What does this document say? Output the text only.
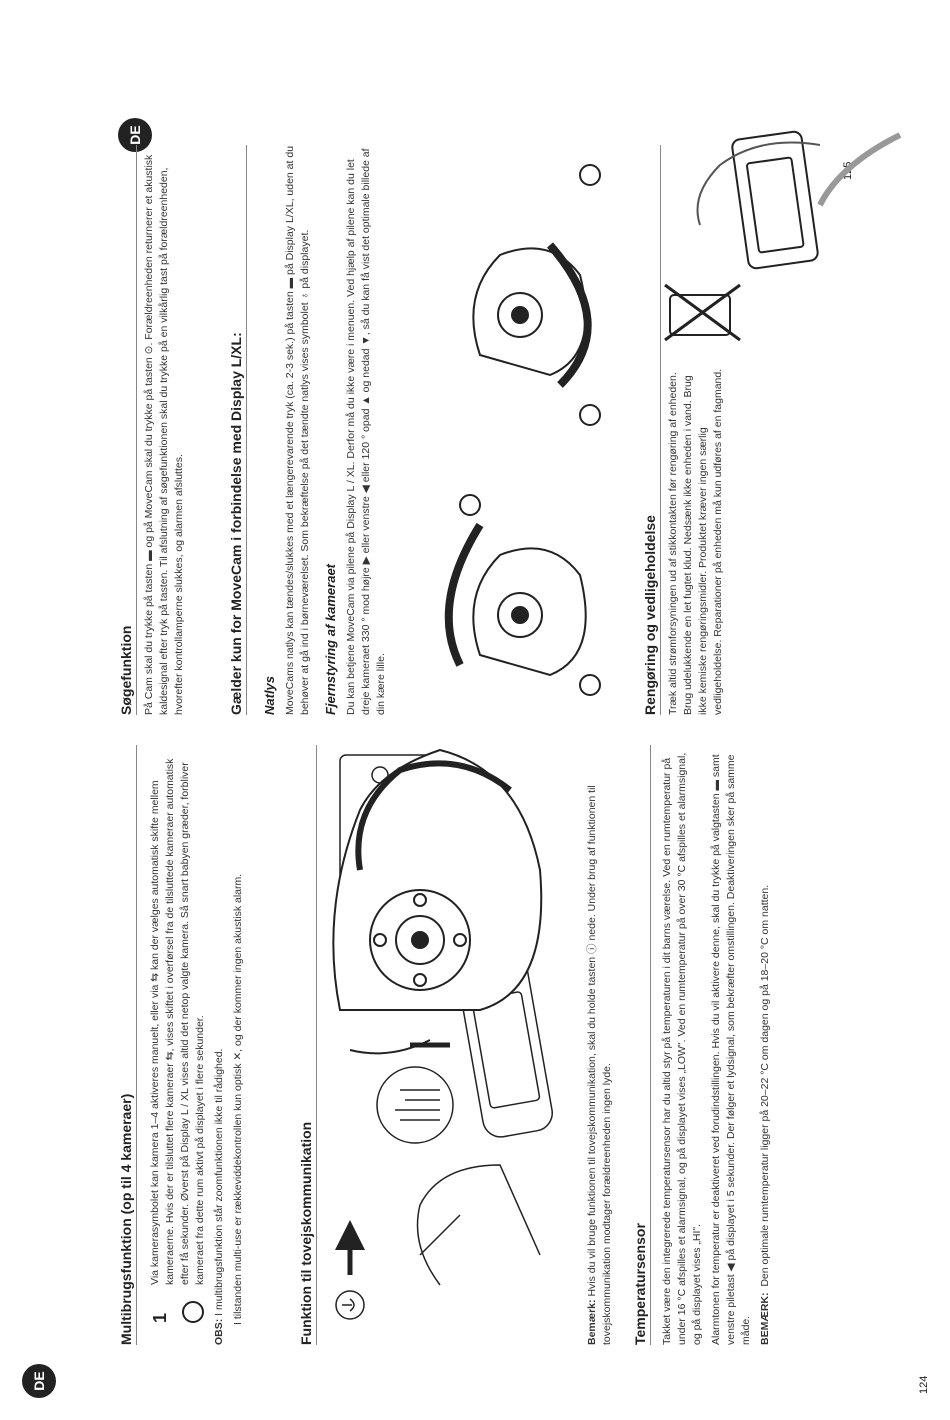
DE	124
Multibrugsfunktion (op til 4 kameraer) 1

Via kamerasymbolet kan kamera 1–4 aktiveres manuelt, eller via ⇆ kan der vælges automatisk skifte mellem kameraerne. Hvis der er tilsluttet flere kameraer ⇆, vises skiftet i overførsel fra de tilsluttede kameraer automatisk efter få sekunder. Øverst på Display L / XL vises altid det netop valgte kamera. Så snart babyen græder, forbliver kameraet fra dette rum aktivt på displayet i flere sekunder.

OBS: I multibrugsfunktion står zoomfunktionen ikke til rådighed. I tilstanden multi-use er rækkeviddekontrollen kun optisk ✕, og der kommer ingen akustisk alarm.	Funktion til tovejskommunikation	Bemærk: Hvis du vil bruge funktionen til tovejskommunikation, skal du holde tasten ⓘ nede. Under brug af funktionen til tovejskommunikation modtager forældreenheden ingen lyde. Temperatursensor Takket være den integrerede temperatursensor har du altid styr på temperaturen i dit barns værelse. Ved en rumtemperatur på under 16 °C afspilles et alarmsignal, og på displayet vises „LOW". Ved en rumtemperatur på over 30 °C afspilles et alarmsignal, og på displayet vises „HI". Alarmtonen for temperatur er deaktiveret ved forudindstillingen. Hvis du vil aktivere denne, skal du trykke på valgtasten ▬ samt venstre piletast ◀ på displayet i 5 sekunder. Der følger et lydsignal, som bekræfter omstillingen. Deaktiveringen sker på samme måde. BEMÆRK:  Den optimale rumtemperatur ligger på 20–22 °C om dagen og på 18–20 °C om natten.

DE
125
Søgefunktion På Cam skal du trykke på tasten ▬ og på MoveCam skal du trykke på tasten ⊙. Forældreenheden returnerer et akustisk kaldesignal efter tryk på tasten. Til afslutning af søgefunktionen skal du trykke på en vilkårlig tast på forældreenheden, hvorefter kontrollamperne slukkes, og alarmen afsluttes.	Gælder kun for MoveCam i forbindelse med Display L/XL: Natlys MoveCams natlys kan tændes/slukkes med et længerevarende tryk (ca. 2-3 sek.) på tasten ▬ på Display L/XL, uden at du behøver at gå ind i børneværelset. Som bekræftelse på det tændte natlys vises symbolet ♁ på displayet. Fjernstyring af kameraet Du kan betjene MoveCam via pilene på Display L / XL. Derfor må du ikke være i menuen. Ved hjælp af pilene kan du let dreje kameraet 330 ° mod højre ▶ eller venstre ◀ eller 120 ° opad ▲ og nedad ▼, så du kan få vist det optimale billede af din kære lille.	Rengøring og vedligeholdelse Træk altid strømforsyningen ud af stikkontakten før rengøring af enheden. Brug udelukkende en let fugtet klud. Nedsænk ikke enheden i vand. Brug ikke kemiske rengøringsmidler. Produktet kræver ingen særlig vedligeholdelse. Reparationer på enheden må kun udføres af en fagmand.
